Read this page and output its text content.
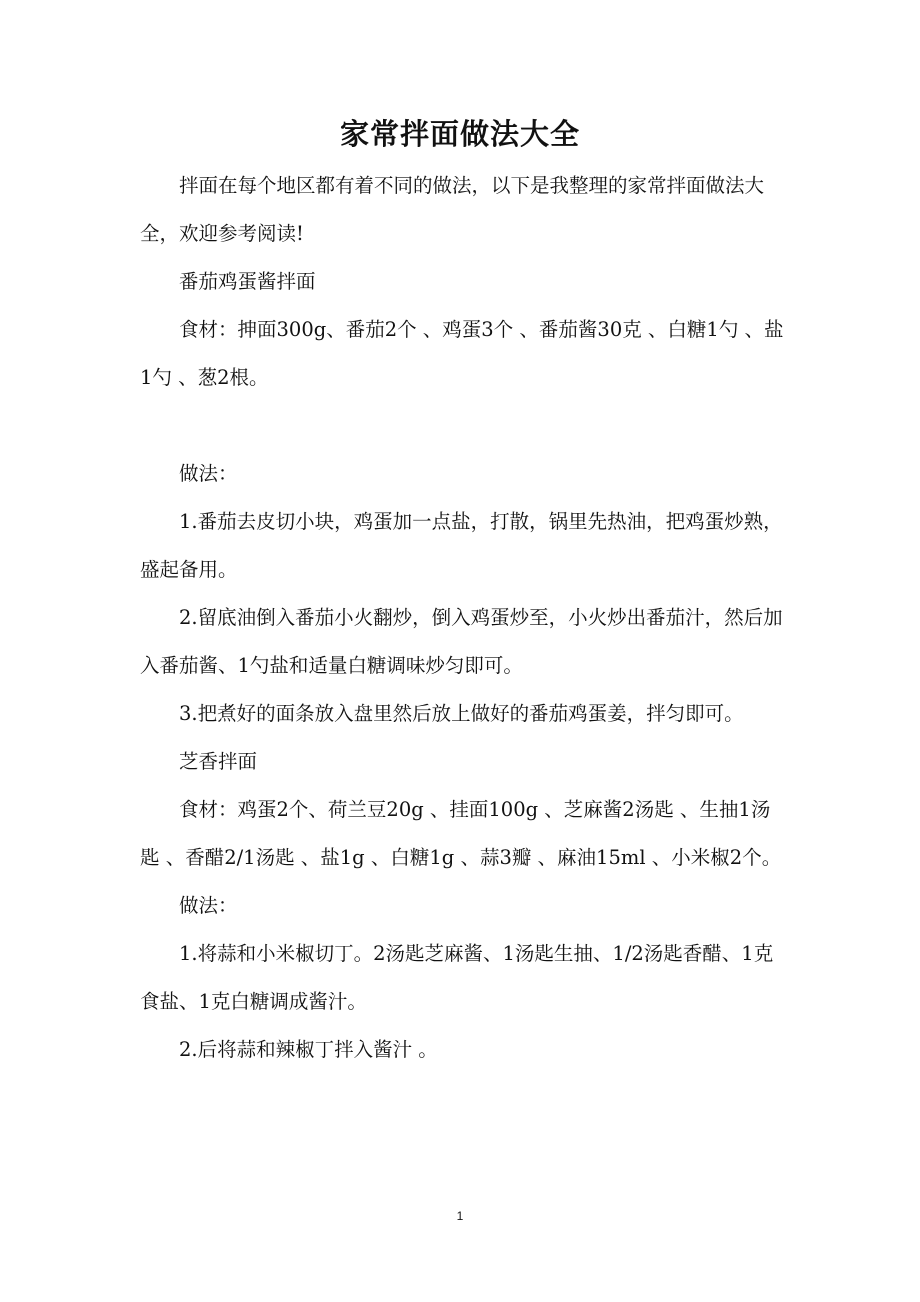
家常拌面做法大全

拌面在每个地区都有着不同的做法，以下是我整理的家常拌面做法大全，欢迎参考阅读!

番茄鸡蛋酱拌面

食材：抻面300g、番茄2个 、鸡蛋3个 、番茄酱30克 、白糖1勺 、盐1勺 、葱2根。

做法：

1.番茄去皮切小块，鸡蛋加一点盐，打散，锅里先热油，把鸡蛋炒熟，盛起备用。

2.留底油倒入番茄小火翻炒，倒入鸡蛋炒至，小火炒出番茄汁，然后加入番茄酱、1勺盐和适量白糖调味炒匀即可。

3.把煮好的面条放入盘里然后放上做好的番茄鸡蛋姜，拌匀即可。

芝香拌面

食材：鸡蛋2个、荷兰豆20g 、挂面100g 、芝麻酱2汤匙 、生抽1汤匙 、香醋2/1汤匙 、盐1g 、白糖1g 、蒜3瓣 、麻油15ml 、小米椒2个。

做法：

1.将蒜和小米椒切丁。2汤匙芝麻酱、1汤匙生抽、1/2汤匙香醋、1克食盐、1克白糖调成酱汁。

2.后将蒜和辣椒丁拌入酱汁 。

1
